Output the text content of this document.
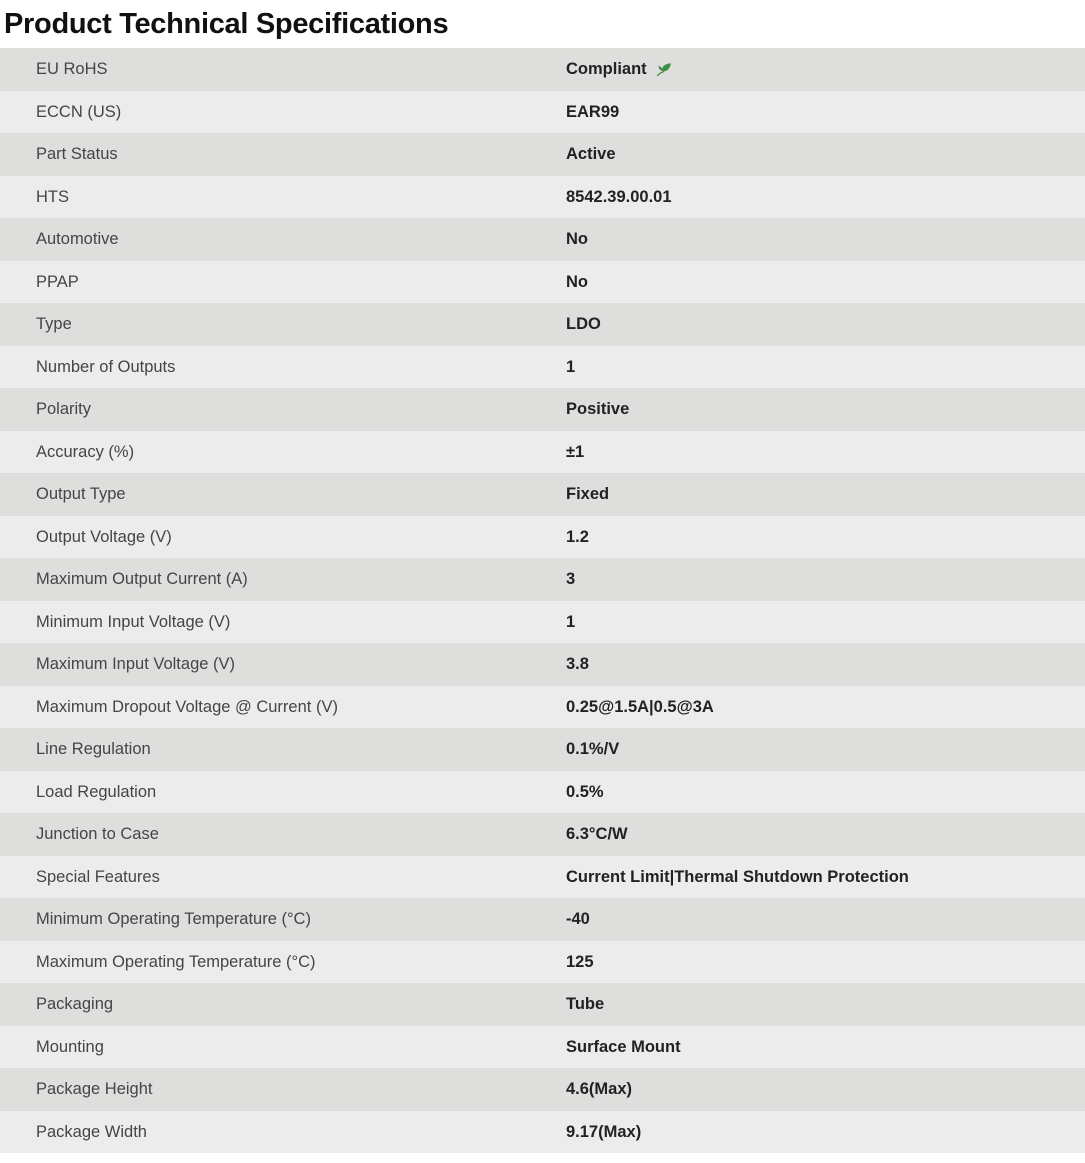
Product Technical Specifications
EU RoHS	Compliant

ECCN (US)	EAR99

Part Status	Active

HTS	8542.39.00.01

Automotive	No

PPAP	No

Type	LDO

Number of Outputs	1

Polarity	Positive

Accuracy (%)	±1

Output Type	Fixed

Output Voltage (V)	1.2

Maximum Output Current (A)	3

Minimum Input Voltage (V)	1

Maximum Input Voltage (V)	3.8

Maximum Dropout Voltage @ Current (V)	0.25@1.5A|0.5@3A

Line Regulation	0.1%/V

Load Regulation	0.5%

Junction to Case	6.3°C/W

Special Features	Current Limit|Thermal Shutdown Protection

Minimum Operating Temperature (°C)	-40

Maximum Operating Temperature (°C)	125

Packaging	Tube

Mounting	Surface Mount

Package Height	4.6(Max)

Package Width	9.17(Max)
